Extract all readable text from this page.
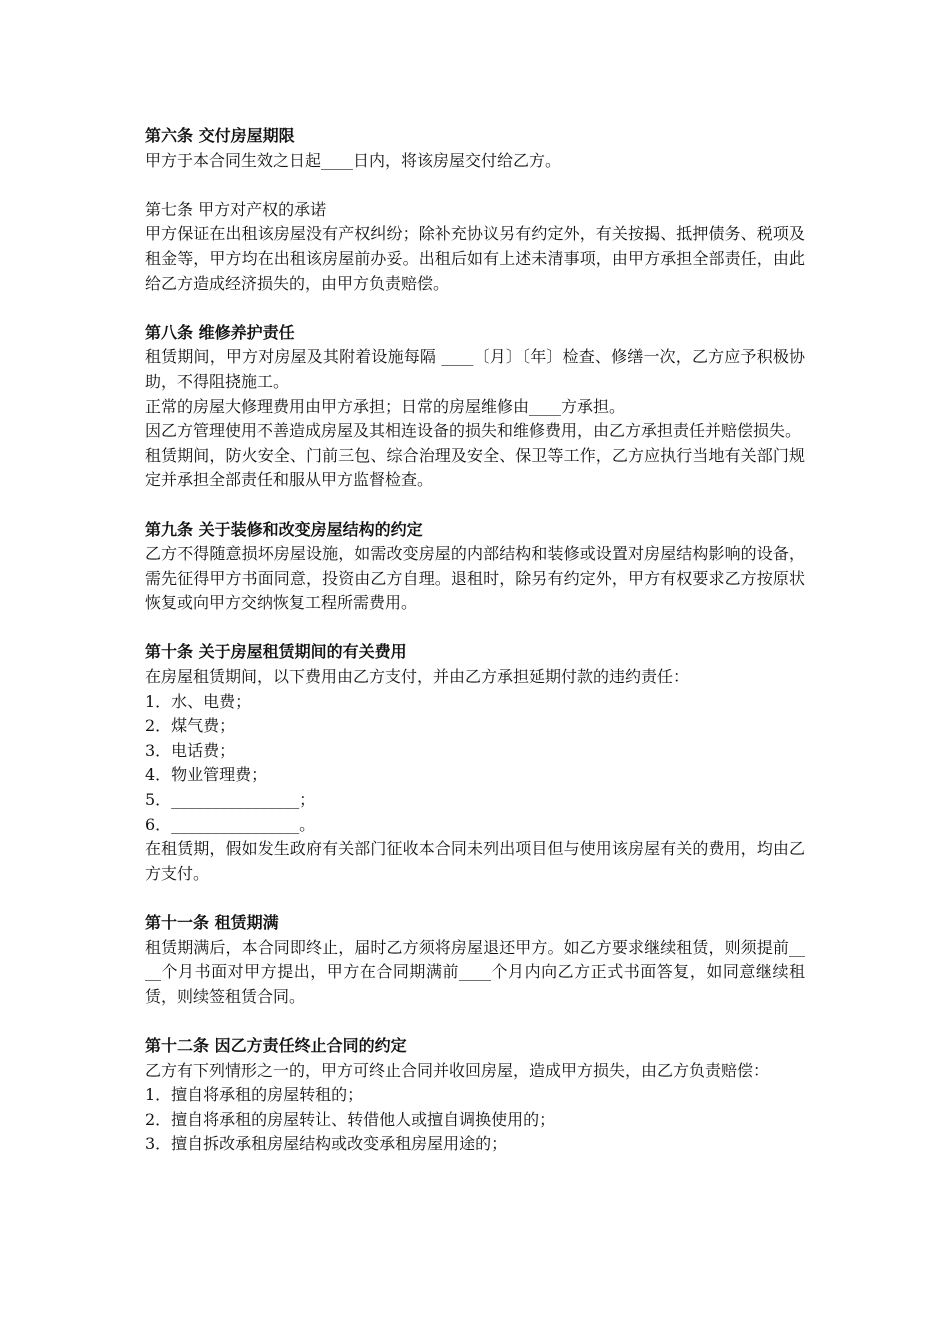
第六条 交付房屋期限

甲方于本合同生效之日起____日内，将该房屋交付给乙方。

第七条 甲方对产权的承诺

甲方保证在出租该房屋没有产权纠纷；除补充协议另有约定外，有关按揭、抵押债务、税项及租金等，甲方均在出租该房屋前办妥。出租后如有上述未清事项，由甲方承担全部责任，由此给乙方造成经济损失的，由甲方负责赔偿。

第八条 维修养护责任

租赁期间，甲方对房屋及其附着设施每隔 ____〔月〕〔年〕检查、修缮一次，乙方应予积极协助，不得阻挠施工。

正常的房屋大修理费用由甲方承担；日常的房屋维修由____方承担。

因乙方管理使用不善造成房屋及其相连设备的损失和维修费用，由乙方承担责任并赔偿损失。

租赁期间，防火安全、门前三包、综合治理及安全、保卫等工作，乙方应执行当地有关部门规定并承担全部责任和服从甲方监督检查。

第九条 关于装修和改变房屋结构的约定

乙方不得随意损坏房屋设施，如需改变房屋的内部结构和装修或设置对房屋结构影响的设备，需先征得甲方书面同意，投资由乙方自理。退租时，除另有约定外，甲方有权要求乙方按原状恢复或向甲方交纳恢复工程所需费用。

第十条 关于房屋租赁期间的有关费用

在房屋租赁期间，以下费用由乙方支付，并由乙方承担延期付款的违约责任：

1．水、电费；

2．煤气费；

3．电话费；

4．物业管理费；

5．________________；

6．________________。

在租赁期，假如发生政府有关部门征收本合同未列出项目但与使用该房屋有关的费用，均由乙方支付。

第十一条 租赁期满

租赁期满后，本合同即终止，届时乙方须将房屋退还甲方。如乙方要求继续租赁，则须提前____个月书面对甲方提出，甲方在合同期满前____个月内向乙方正式书面答复，如同意继续租赁，则续签租赁合同。

第十二条 因乙方责任终止合同的约定

乙方有下列情形之一的，甲方可终止合同并收回房屋，造成甲方损失，由乙方负责赔偿：

1．擅自将承租的房屋转租的；

2．擅自将承租的房屋转让、转借他人或擅自调换使用的；

3．擅自拆改承租房屋结构或改变承租房屋用途的；
